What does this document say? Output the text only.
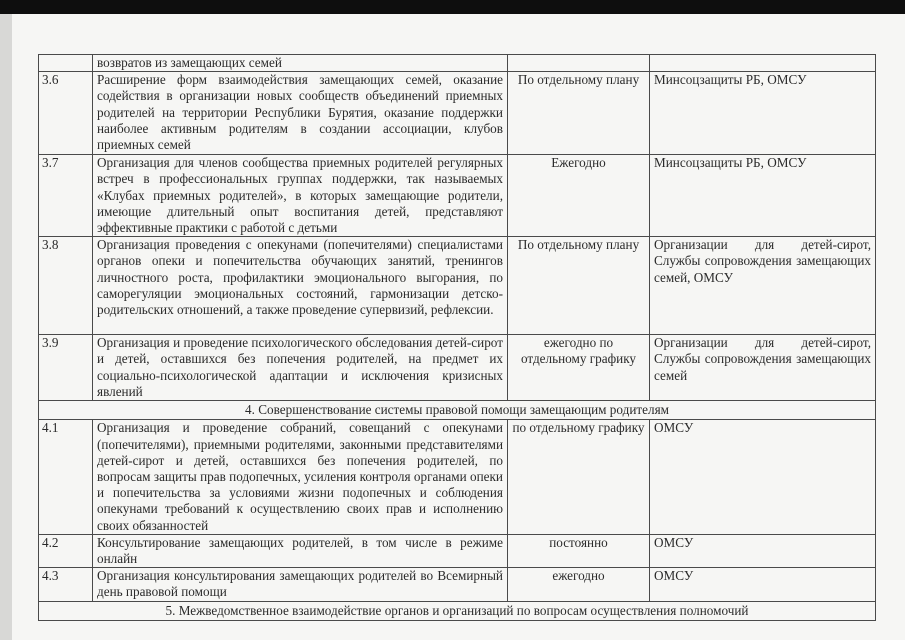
	возвратов из замещающих семей		
3.6	Расширение форм взаимодействия замещающих семей, оказание содействия в организации новых сообществ объединений приемных родителей на территории Республики Бурятия, оказание поддержки наиболее активным родителям в создании ассоциации, клубов приемных семей	По отдельному плану	Минсоцзащиты РБ, ОМСУ
3.7	Организация для членов сообщества приемных родителей регулярных встреч в профессиональных группах поддержки, так называемых «Клубах приемных родителей», в которых замещающие родители, имеющие длительный опыт воспитания детей, представляют эффективные практики с работой с детьми	Ежегодно	Минсоцзащиты РБ, ОМСУ
3.8	Организация проведения с опекунами (попечителями) специалистами органов опеки и попечительства обучающих занятий, тренингов личностного роста, профилактики эмоционального выгорания, по саморегуляции эмоциональных состояний, гармонизации детско-родительских отношений, а также проведение супервизий, рефлексии.	По отдельному плану	Организации для детей-сирот, Службы сопровождения замещающих семей, ОМСУ
3.9	Организация и проведение психологического обследования детей-сирот и детей, оставшихся без попечения родителей, на предмет их социально-психологической адаптации и исключения кризисных явлений	ежегодно по отдельному графику	Организации для детей-сирот, Службы сопровождения замещающих семей
4. Совершенствование системы правовой помощи замещающим родителям			
4.1	Организация и проведение собраний, совещаний с опекунами (попечителями), приемными родителями, законными представителями детей-сирот и детей, оставшихся без попечения родителей, по вопросам защиты прав подопечных, усиления контроля органами опеки и попечительства за условиями жизни подопечных и соблюдения опекунами требований к осуществлению своих прав и исполнению своих обязанностей	по отдельному графику	ОМСУ
4.2	Консультирование замещающих родителей, в том числе в режиме онлайн	постоянно	ОМСУ
4.3	Организация консультирования замещающих родителей во Всемирный день правовой помощи	ежегодно	ОМСУ
5. Межведомственное взаимодействие органов и организаций по вопросам осуществления полномочий			
